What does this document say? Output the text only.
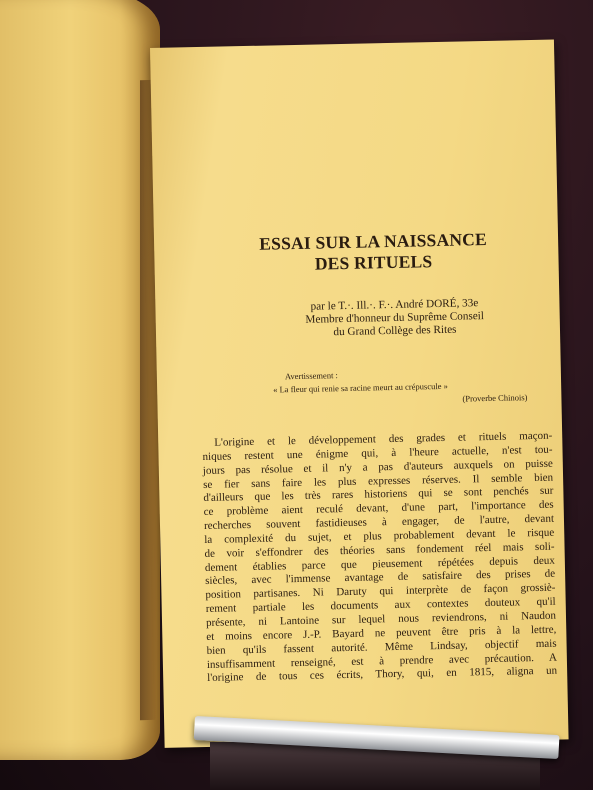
ESSAI SUR LA NAISSANCE
DES RITUELS
par le T.·. Ill.·. F.·. André DORÉ, 33e
Membre d'honneur du Suprême Conseil
du Grand Collège des Rites
Avertissement :
« La fleur qui renie sa racine meurt au crépuscule »
(Proverbe Chinois)
L'origine et le développement des grades et rituels maçon-
niques restent une énigme qui, à l'heure actuelle, n'est tou-
jours pas résolue et il n'y a pas d'auteurs auxquels on puisse
se fier sans faire les plus expresses réserves. Il semble bien
d'ailleurs que les très rares historiens qui se sont penchés sur
ce problème aient reculé devant, d'une part, l'importance des
recherches souvent fastidieuses à engager, de l'autre, devant
la complexité du sujet, et plus probablement devant le risque
de voir s'effondrer des théories sans fondement réel mais soli-
dement établies parce que pieusement répétées depuis deux
siècles, avec l'immense avantage de satisfaire des prises de
position partisanes. Ni Daruty qui interprète de façon grossiè-
rement partiale les documents aux contextes douteux qu'il
présente, ni Lantoine sur lequel nous reviendrons, ni Naudon
et moins encore J.-P. Bayard ne peuvent être pris à la lettre,
bien qu'ils fassent autorité. Même Lindsay, objectif mais
insuffisamment renseigné, est à prendre avec précaution. A
l'origine de tous ces écrits, Thory, qui, en 1815, aligna un
